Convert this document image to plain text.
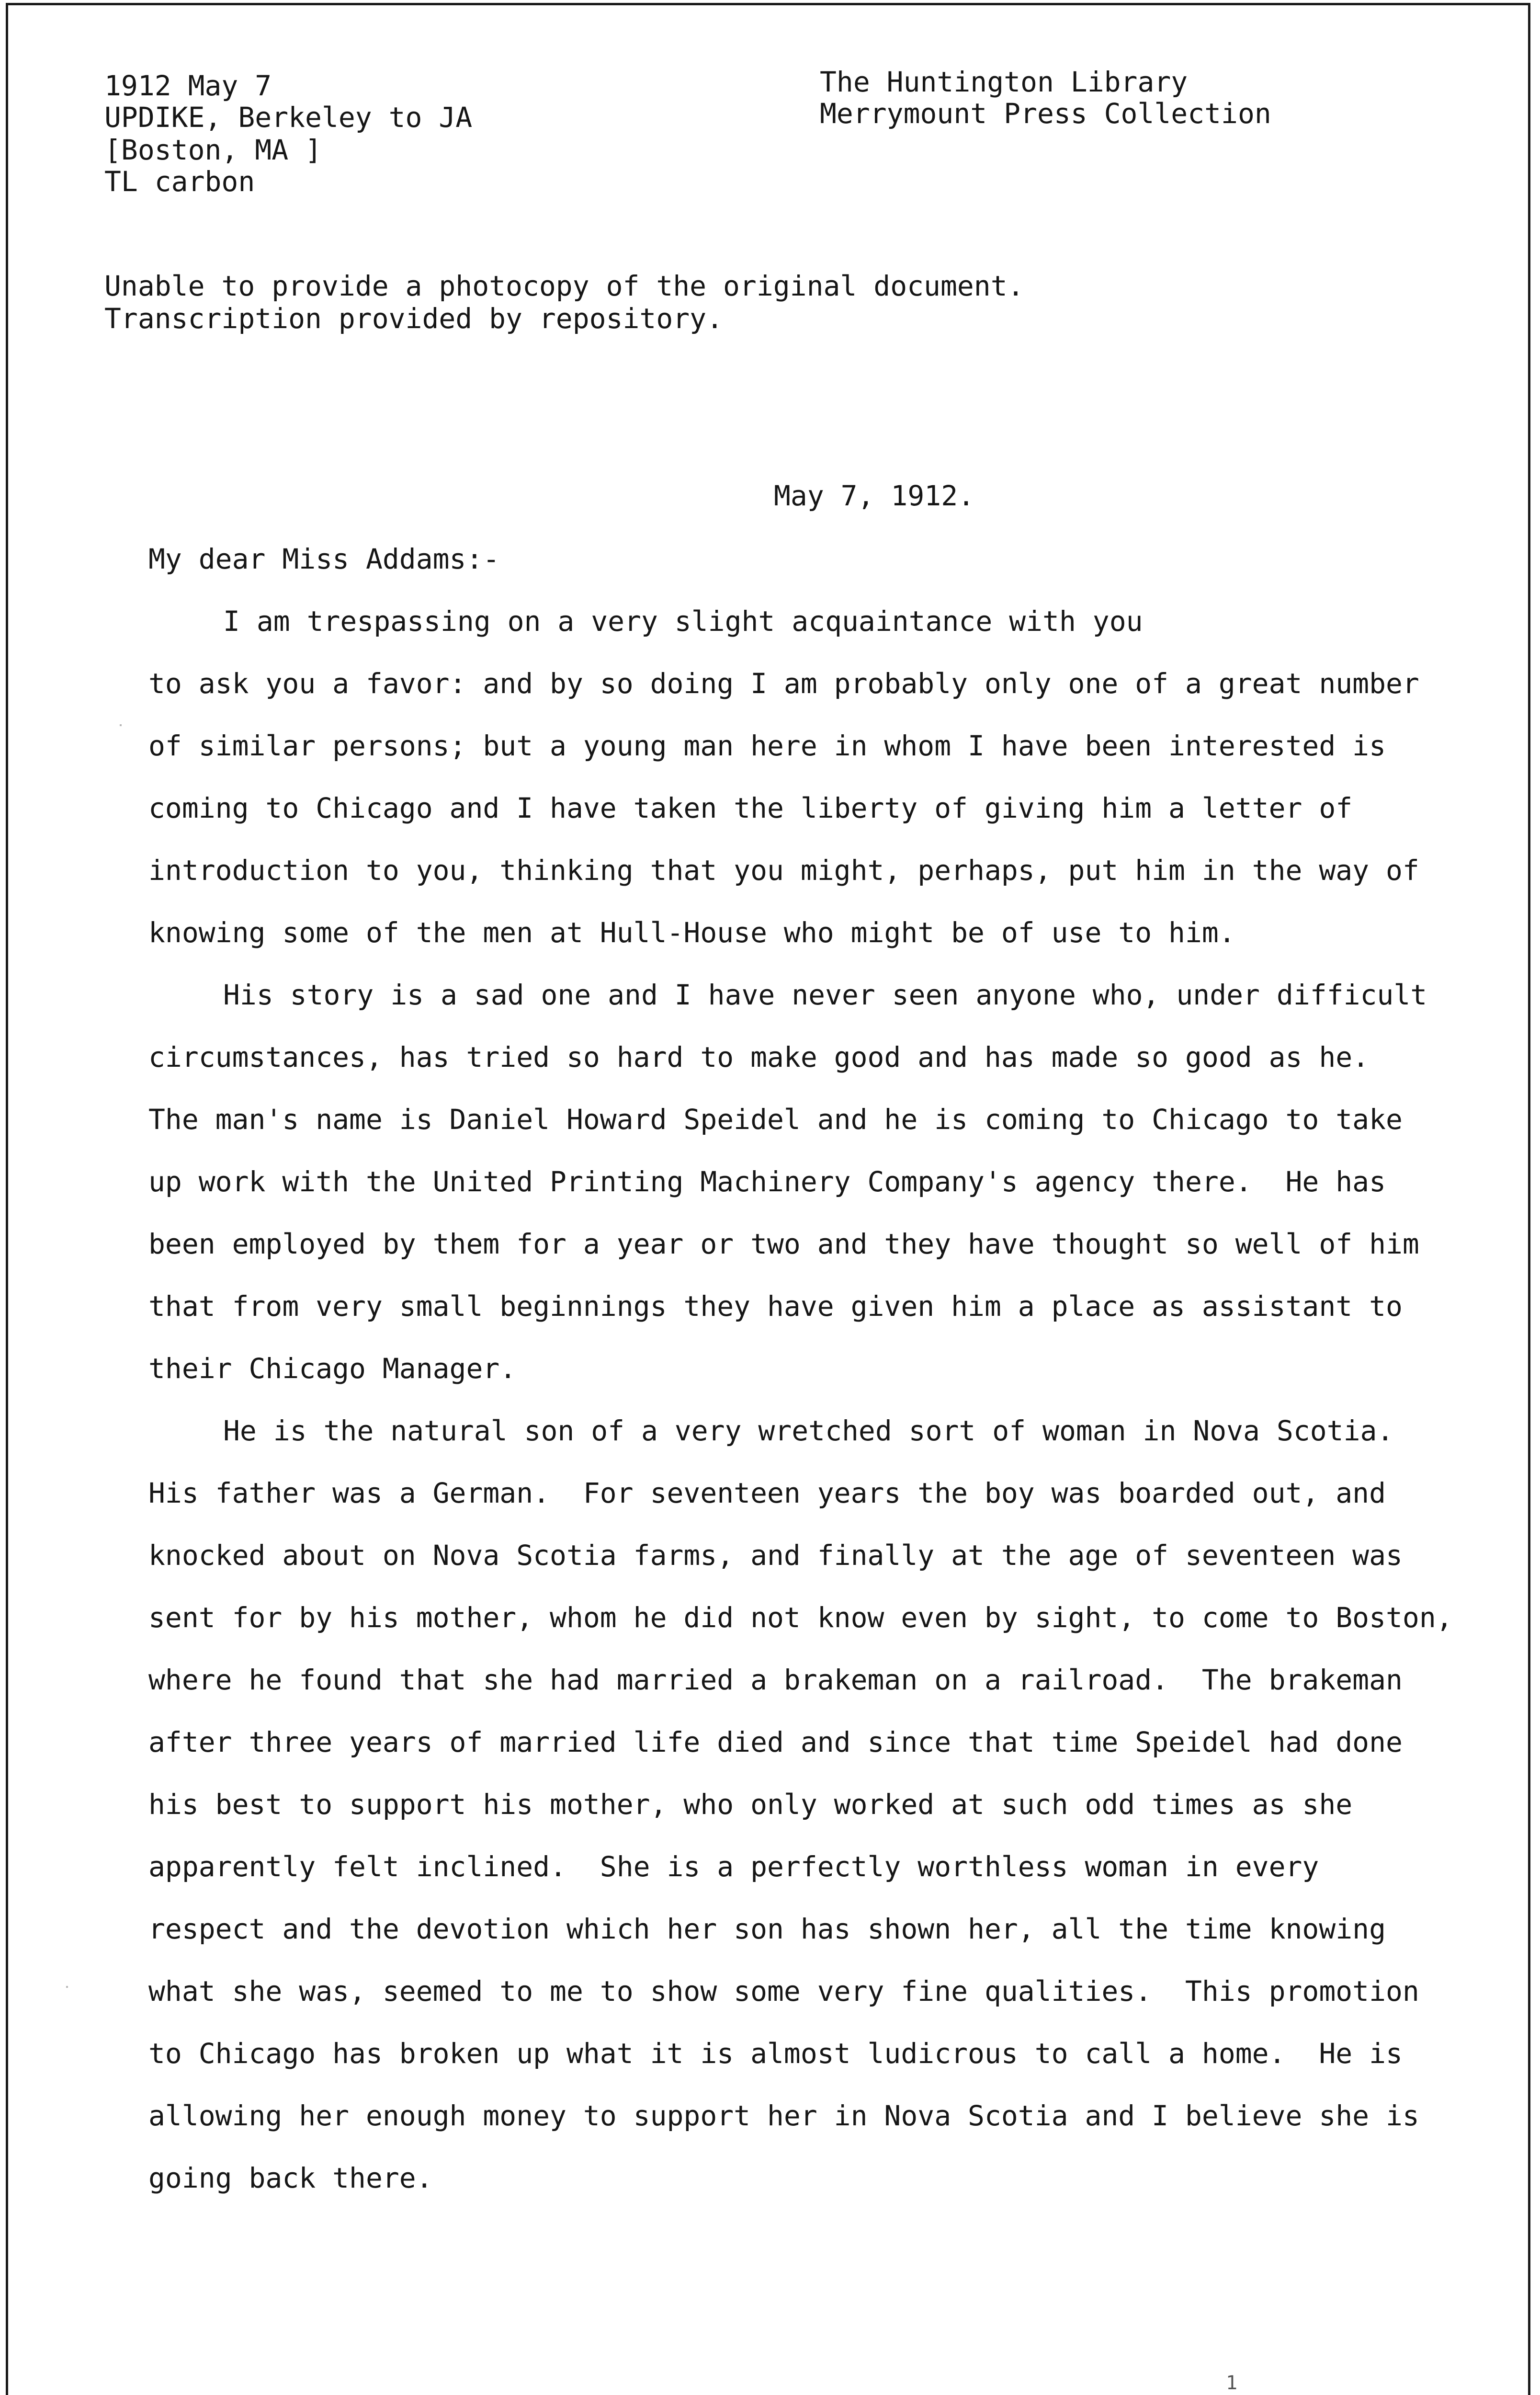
1912 May 7
UPDIKE, Berkeley to JA
[Boston, MA ]
TL carbon
The Huntington Library
Merrymount Press Collection
Unable to provide a photocopy of the original document.
Transcription provided by repository.
May 7, 1912.
My dear Miss Addams:-
I am trespassing on a very slight acquaintance with you
to ask you a favor: and by so doing I am probably only one of a great number
of similar persons; but a young man here in whom I have been interested is
coming to Chicago and I have taken the liberty of giving him a letter of
introduction to you, thinking that you might, perhaps, put him in the way of
knowing some of the men at Hull-House who might be of use to him.
His story is a sad one and I have never seen anyone who, under difficult
circumstances, has tried so hard to make good and has made so good as he.
The man's name is Daniel Howard Speidel and he is coming to Chicago to take
up work with the United Printing Machinery Company's agency there.  He has
been employed by them for a year or two and they have thought so well of him
that from very small beginnings they have given him a place as assistant to
their Chicago Manager.
He is the natural son of a very wretched sort of woman in Nova Scotia.
His father was a German.  For seventeen years the boy was boarded out, and
knocked about on Nova Scotia farms, and finally at the age of seventeen was
sent for by his mother, whom he did not know even by sight, to come to Boston,
where he found that she had married a brakeman on a railroad.  The brakeman
after three years of married life died and since that time Speidel had done
his best to support his mother, who only worked at such odd times as she
apparently felt inclined.  She is a perfectly worthless woman in every
respect and the devotion which her son has shown her, all the time knowing
what she was, seemed to me to show some very fine qualities.  This promotion
to Chicago has broken up what it is almost ludicrous to call a home.  He is
allowing her enough money to support her in Nova Scotia and I believe she is
going back there.
1
